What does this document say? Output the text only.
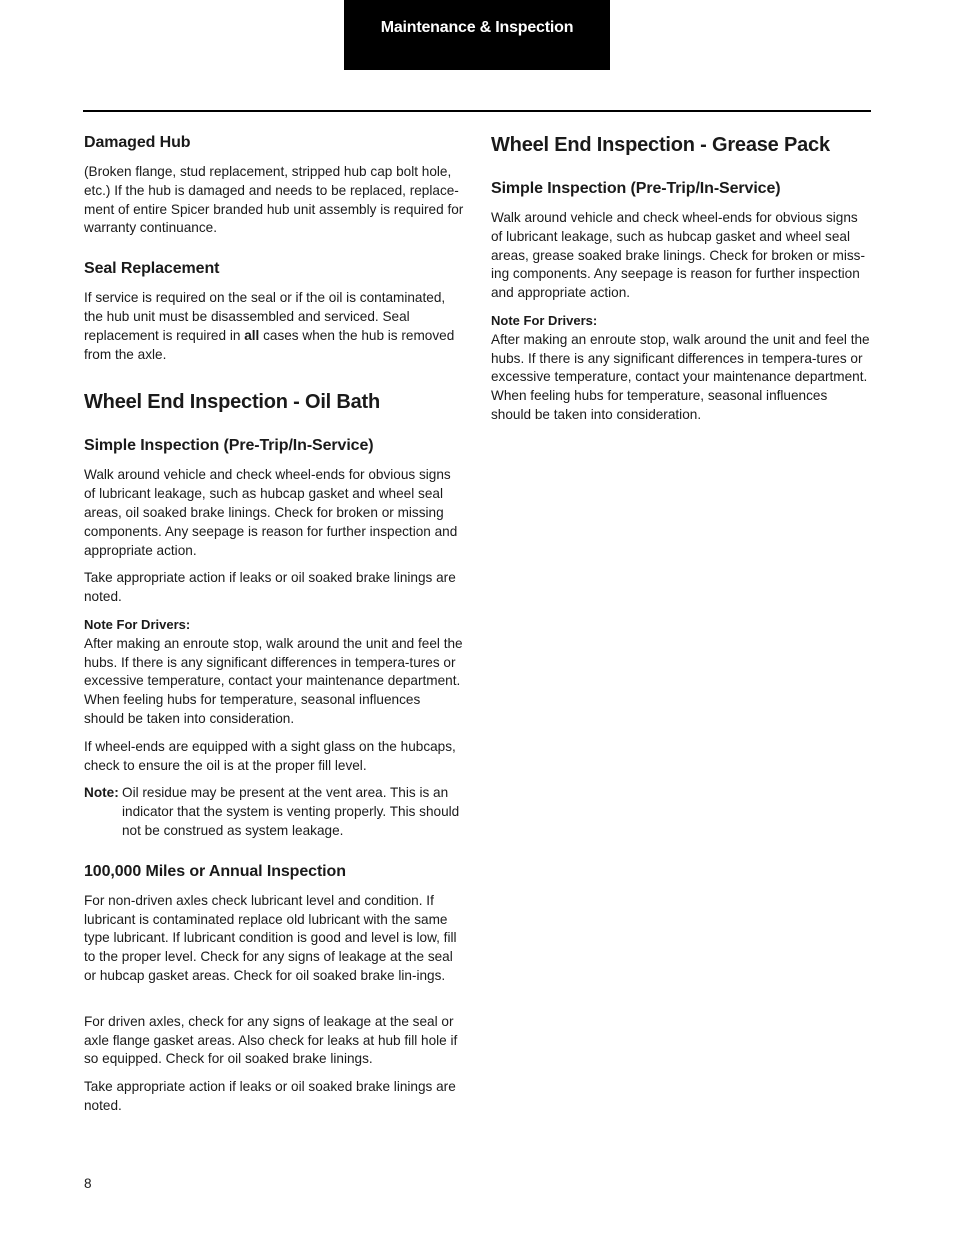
Maintenance & Inspection
Damaged Hub

(Broken flange, stud replacement, stripped hub cap bolt hole, etc.) If the hub is damaged and needs to be replaced, replace-ment of entire Spicer branded hub unit assembly is required for warranty continuance.

Seal Replacement

If service is required on the seal or if the oil is contaminated, the hub unit must be disassembled and serviced. Seal replacement is required in all cases when the hub is removed from the axle.

Wheel End Inspection - Oil Bath
Simple Inspection (Pre-Trip/In-Service)

Walk around vehicle and check wheel-ends for obvious signs of lubricant leakage, such as hubcap gasket and wheel seal areas, oil soaked brake linings. Check for broken or missing components. Any seepage is reason for further inspection and appropriate action.

Take appropriate action if leaks or oil soaked brake linings are noted.

Note For Drivers:

After making an enroute stop, walk around the unit and feel the hubs. If there is any significant differences in tempera-tures or excessive temperature, contact your maintenance department. When feeling hubs for temperature, seasonal influences should be taken into consideration.

If wheel-ends are equipped with a sight glass on the hubcaps, check to ensure the oil is at the proper fill level.

Note: Oil residue may be present at the vent area. This is an indicator that the system is venting properly. This should not be construed as system leakage.
100,000 Miles or Annual Inspection

For non-driven axles check lubricant level and condition. If lubricant is contaminated replace old lubricant with the same type lubricant. If lubricant condition is good and level is low, fill to the proper level. Check for any signs of leakage at the seal or hubcap gasket areas. Check for oil soaked brake lin-ings.

For driven axles, check for any signs of leakage at the seal or axle flange gasket areas. Also check for leaks at hub fill hole if so equipped. Check for oil soaked brake linings.

Take appropriate action if leaks or oil soaked brake linings are noted.

Wheel End Inspection - Grease Pack
Simple Inspection (Pre-Trip/In-Service)

Walk around vehicle and check wheel-ends for obvious signs of lubricant leakage, such as hubcap gasket and wheel seal areas, grease soaked brake linings. Check for broken or miss-ing components. Any seepage is reason for further inspection and appropriate action.

Note For Drivers:

After making an enroute stop, walk around the unit and feel the hubs. If there is any significant differences in tempera-tures or excessive temperature, contact your maintenance department. When feeling hubs for temperature, seasonal influences should be taken into consideration.

8
